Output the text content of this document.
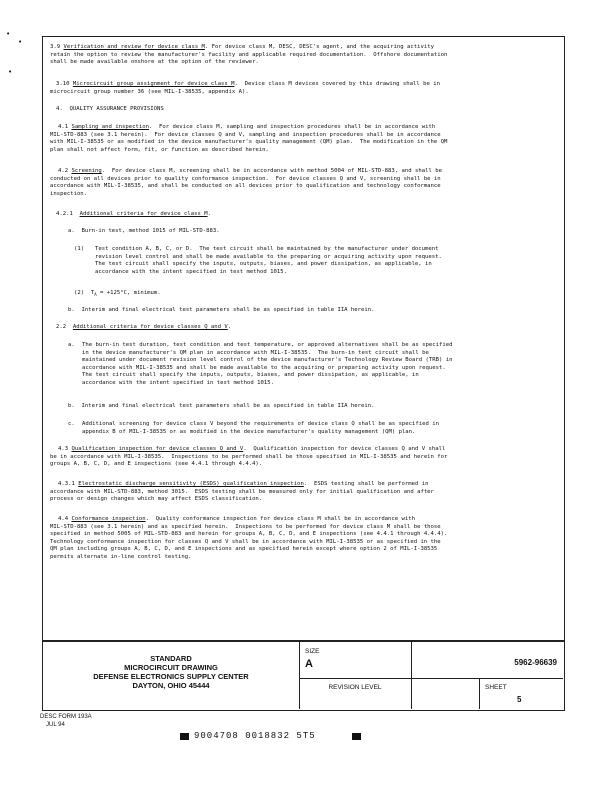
•
•
•

3.9 Verification and review for device class M. For device class M, DESC, DESC's agent, and the acquiring activity
retain the option to review the manufacturer's facility and applicable required documentation.  Offshore documentation
shall be made available onshore at the option of the reviewer.

3.10 Microcircuit group assignment for device class M.  Device class M devices covered by this drawing shall be in
microcircuit group number 36 (see MIL-I-38535, appendix A).

4.  QUALITY ASSURANCE PROVISIONS

4.1 Sampling and inspection.  For device class M, sampling and inspection procedures shall be in accordance with
MIL-STD-883 (see 3.1 herein).  For device classes Q and V, sampling and inspection procedures shall be in accordance
with MIL-I-38535 or as modified in the device manufacturer's quality management (QM) plan.  The modification in the QM
plan shall not affect form, fit, or function as described herein.

4.2 Screening.  For device class M, screening shall be in accordance with method 5004 of MIL-STD-883, and shall be
conducted on all devices prior to quality conformance inspection.  For device classes Q and V, screening shall be in
accordance with MIL-I-38535, and shall be conducted on all devices prior to qualification and technology conformance
inspection.

4.2.1 Additional criteria for device class M.

a. Burn-in test, method 1015 of MIL-STD-883.

(1) Test condition A, B, C, or D.  The test circuit shall be maintained by the manufacturer under document
revision level control and shall be made available to the preparing or acquiring activity upon request.
The test circuit shall specify the inputs, outputs, biases, and power dissipation, as applicable, in
accordance with the intent specified in test method 1015.

(2) $T_A = +125^\circ C$, minimum.

b. Interim and final electrical test parameters shall be as specified in table IIA herein.

2.2 Additional criteria for device classes Q and V.

a. The burn-in test duration, test condition and test temperature, or approved alternatives shall be as specified
in the device manufacturer's QM plan in accordance with MIL-I-38535.  The burn-in test circuit shall be
maintained under document revision level control of the device manufacturer's Technology Review Board (TRB) in
accordance with MIL-I-38535 and shall be made available to the acquiring or preparing activity upon request.
The test circuit shall specify the inputs, outputs, biases, and power dissipation, as applicable, in
accordance with the intent specified in test method 1015.

b. Interim and final electrical test parameters shall be as specified in table IIA herein.

c. Additional screening for device class V beyond the requirements of device class Q shall be as specified in
appendix B of MIL-I-38535 or as modified in the device manufacturer's quality management (QM) plan.

4.3 Qualification inspection for device classes Q and V.  Qualification inspection for device classes Q and V shall
be in accordance with MIL-I-38535.  Inspections to be performed shall be those specified in MIL-I-38535 and herein for
groups A, B, C, D, and E inspections (see 4.4.1 through 4.4.4).

4.3.1 Electrostatic discharge sensitivity (ESDS) qualification inspection.  ESDS testing shall be performed in
accordance with MIL-STD-883, method 3015.  ESDS testing shall be measured only for initial qualification and after
process or design changes which may affect ESDS classification.

4.4 Conformance inspection.  Quality conformance inspection for device class M shall be in accordance with
MIL-STD-883 (see 3.1 herein) and as specified herein.  Inspections to be performed for device class M shall be those
specified in method 5005 of MIL-STD-883 and herein for groups A, B, C, D, and E inspections (see 4.4.1 through 4.4.4).
Technology conformance inspection for classes Q and V shall be in accordance with MIL-I-38535 or as specified in the
QM plan including groups A, B, C, D, and E inspections and as specified herein except where option 2 of MIL-I-38535
permits alternate in-line control testing.

STANDARD
MICROCIRCUIT DRAWING
DEFENSE ELECTRONICS SUPPLY CENTER
DAYTON, OHIO 45444
SIZE
A	5962-96639
REVISION LEVEL	SHEET
5
DESC FORM 193A
JUL 94
9004708 0018832 5T5
